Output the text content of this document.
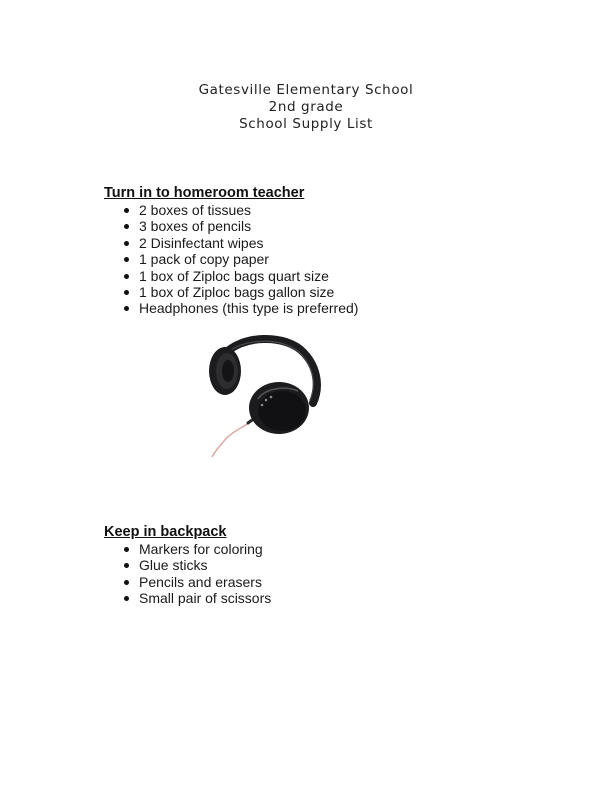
Gatesville Elementary School
2nd grade
School Supply List
Turn in to homeroom teacher
2 boxes of tissues
3 boxes of pencils
2 Disinfectant wipes
1 pack of copy paper
1 box of Ziploc bags quart size
1 box of Ziploc bags gallon size
Headphones (this type is preferred)
Keep in backpack
Markers for coloring
Glue sticks
Pencils and erasers
Small pair of scissors
